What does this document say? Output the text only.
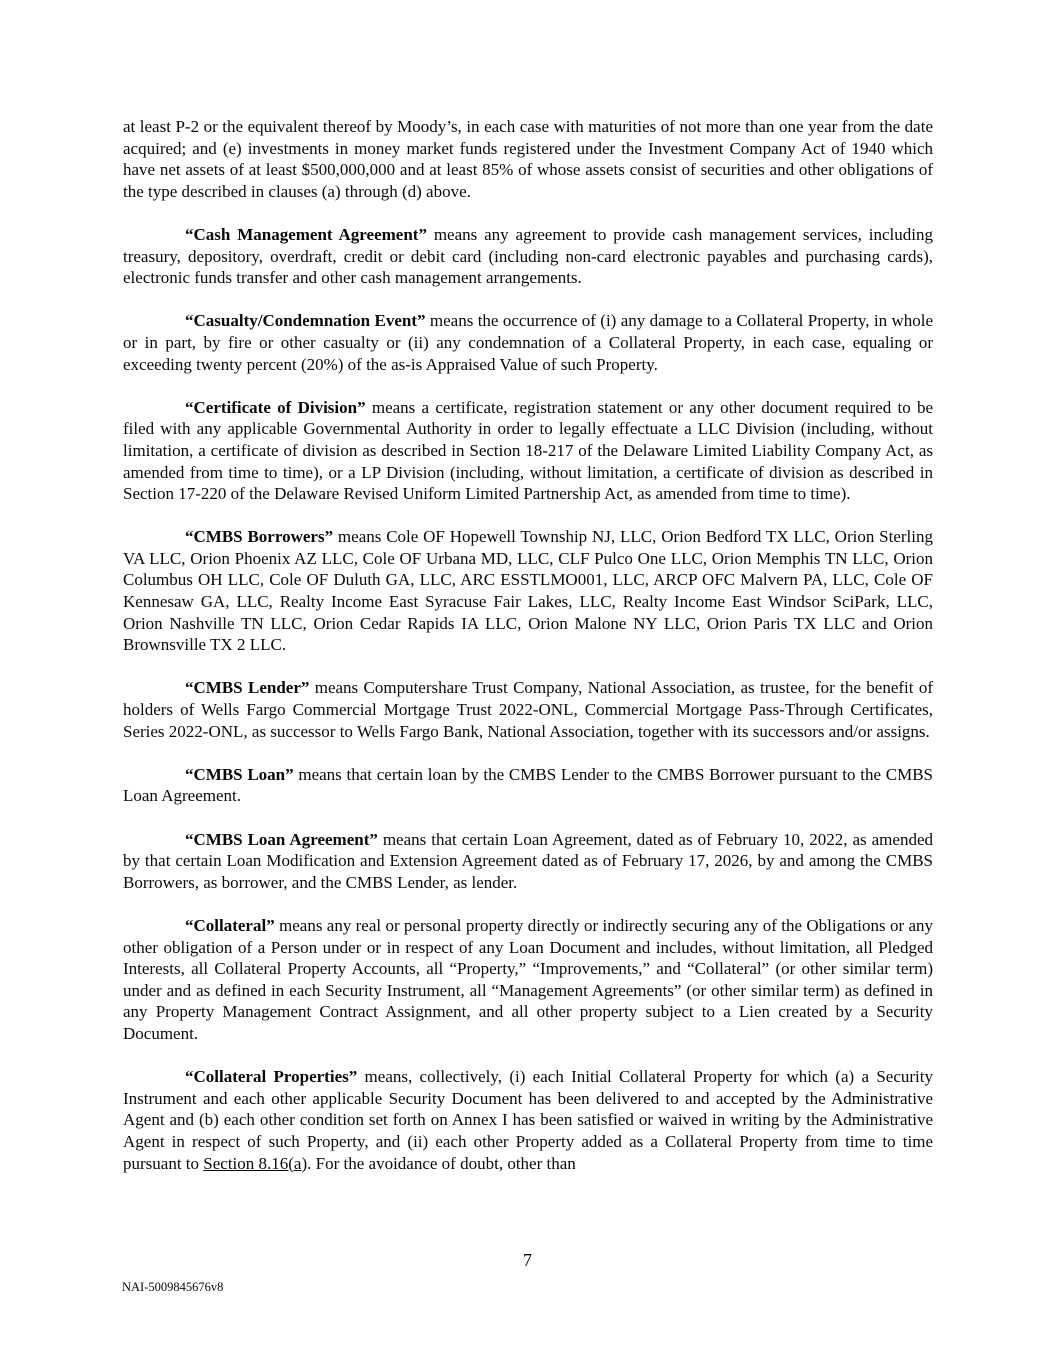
at least P-2 or the equivalent thereof by Moody’s, in each case with maturities of not more than one year from the date acquired; and (e) investments in money market funds registered under the Investment Company Act of 1940 which have net assets of at least $500,000,000 and at least 85% of whose assets consist of securities and other obligations of the type described in clauses (a) through (d) above.

“Cash Management Agreement” means any agreement to provide cash management services, including treasury, depository, overdraft, credit or debit card (including non-card electronic payables and purchasing cards), electronic funds transfer and other cash management arrangements.

“Casualty/Condemnation Event” means the occurrence of (i) any damage to a Collateral Property, in whole or in part, by fire or other casualty or (ii) any condemnation of a Collateral Property, in each case, equaling or exceeding twenty percent (20%) of the as-is Appraised Value of such Property.

“Certificate of Division” means a certificate, registration statement or any other document required to be filed with any applicable Governmental Authority in order to legally effectuate a LLC Division (including, without limitation, a certificate of division as described in Section 18-217 of the Delaware Limited Liability Company Act, as amended from time to time), or a LP Division (including, without limitation, a certificate of division as described in Section 17-220 of the Delaware Revised Uniform Limited Partnership Act, as amended from time to time).

“CMBS Borrowers” means Cole OF Hopewell Township NJ, LLC, Orion Bedford TX LLC, Orion Sterling VA LLC, Orion Phoenix AZ LLC, Cole OF Urbana MD, LLC, CLF Pulco One LLC, Orion Memphis TN LLC, Orion Columbus OH LLC, Cole OF Duluth GA, LLC, ARC ESSTLMO001, LLC, ARCP OFC Malvern PA, LLC, Cole OF Kennesaw GA, LLC, Realty Income East Syracuse Fair Lakes, LLC, Realty Income East Windsor SciPark, LLC, Orion Nashville TN LLC, Orion Cedar Rapids IA LLC, Orion Malone NY LLC, Orion Paris TX LLC and Orion Brownsville TX 2 LLC.

“CMBS Lender” means Computershare Trust Company, National Association, as trustee, for the benefit of holders of Wells Fargo Commercial Mortgage Trust 2022-ONL, Commercial Mortgage Pass-Through Certificates, Series 2022-ONL, as successor to Wells Fargo Bank, National Association, together with its successors and/or assigns.

“CMBS Loan” means that certain loan by the CMBS Lender to the CMBS Borrower pursuant to the CMBS Loan Agreement.

“CMBS Loan Agreement” means that certain Loan Agreement, dated as of February 10, 2022, as amended by that certain Loan Modification and Extension Agreement dated as of February 17, 2026, by and among the CMBS Borrowers, as borrower, and the CMBS Lender, as lender.

“Collateral” means any real or personal property directly or indirectly securing any of the Obligations or any other obligation of a Person under or in respect of any Loan Document and includes, without limitation, all Pledged Interests, all Collateral Property Accounts, all “Property,” “Improvements,” and “Collateral” (or other similar term) under and as defined in each Security Instrument, all “Management Agreements” (or other similar term) as defined in any Property Management Contract Assignment, and all other property subject to a Lien created by a Security Document.

“Collateral Properties” means, collectively, (i) each Initial Collateral Property for which (a) a Security Instrument and each other applicable Security Document has been delivered to and accepted by the Administrative Agent and (b) each other condition set forth on Annex I has been satisfied or waived in writing by the Administrative Agent in respect of such Property, and (ii) each other Property added as a Collateral Property from time to time pursuant to Section 8.16(a). For the avoidance of doubt, other than

7
NAI-5009845676v8
